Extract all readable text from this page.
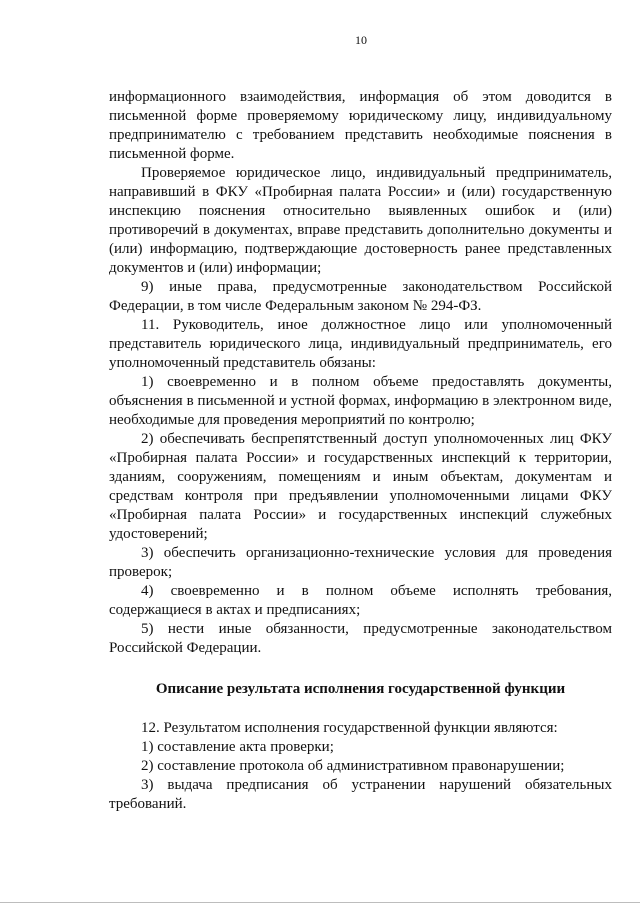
10

информационного взаимодействия, информация об этом доводится в письменной форме проверяемому юридическому лицу, индивидуальному предпринимателю с требованием представить необходимые пояснения в письменной форме.

Проверяемое юридическое лицо, индивидуальный предприниматель, направивший в ФКУ «Пробирная палата России» и (или) государственную инспекцию пояснения относительно выявленных ошибок и (или) противоречий в документах, вправе представить дополнительно документы и (или) информацию, подтверждающие достоверность ранее представленных документов и (или) информации;

9) иные права, предусмотренные законодательством Российской Федерации, в том числе Федеральным законом № 294-ФЗ.

11. Руководитель, иное должностное лицо или уполномоченный представитель юридического лица, индивидуальный предприниматель, его уполномоченный представитель обязаны:

1) своевременно и в полном объеме предоставлять документы, объяснения в письменной и устной формах, информацию в электронном виде, необходимые для проведения мероприятий по контролю;

2) обеспечивать беспрепятственный доступ уполномоченных лиц ФКУ «Пробирная палата России» и государственных инспекций к территории, зданиям, сооружениям, помещениям и иным объектам, документам и средствам контроля при предъявлении уполномоченными лицами ФКУ «Пробирная палата России» и государственных инспекций служебных удостоверений;

3) обеспечить организационно-технические условия для проведения проверок;

4) своевременно и в полном объеме исполнять требования, содержащиеся в актах и предписаниях;

5) нести иные обязанности, предусмотренные законодательством Российской Федерации.

Описание результата исполнения государственной функции

12. Результатом исполнения государственной функции являются:

1) составление акта проверки;

2) составление протокола об административном правонарушении;

3) выдача предписания об устранении нарушений обязательных требований.
